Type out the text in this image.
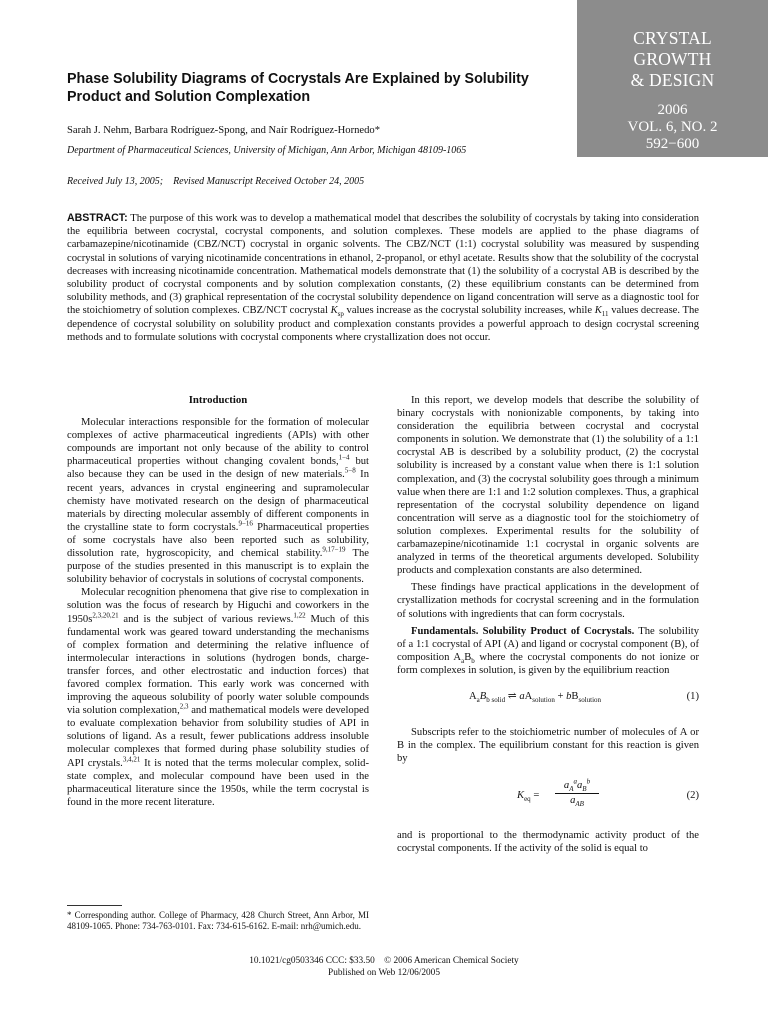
CRYSTAL
GROWTH
& DESIGN
2006
VOL. 6, NO. 2
592−600
Phase Solubility Diagrams of Cocrystals Are Explained by Solubility Product and Solution Complexation
Sarah J. Nehm, Barbara Rodríguez-Spong, and Naír Rodríguez-Hornedo*
Department of Pharmaceutical Sciences, University of Michigan, Ann Arbor, Michigan 48109-1065
Received July 13, 2005; Revised Manuscript Received October 24, 2005
ABSTRACT: The purpose of this work was to develop a mathematical model that describes the solubility of cocrystals by taking into consideration the equilibria between cocrystal, cocrystal components, and solution complexes. These models are applied to the phase diagrams of carbamazepine/nicotinamide (CBZ/NCT) cocrystal in organic solvents. The CBZ/NCT (1:1) cocrystal solubility was measured by suspending cocrystal in solutions of varying nicotinamide concentrations in ethanol, 2-propanol, or ethyl acetate. Results show that the solubility of the cocrystal decreases with increasing nicotinamide concentration. Mathematical models demonstrate that (1) the solubility of a cocrystal AB is described by the solubility product of cocrystal components and by solution complexation constants, (2) these equilibrium constants can be determined from solubility methods, and (3) graphical representation of the cocrystal solubility dependence on ligand concentration will serve as a diagnostic tool for the stoichiometry of solution complexes. CBZ/NCT cocrystal $K_{sp}$ values increase as the cocrystal solubility increases, while $K_{11}$ values decrease. The dependence of cocrystal solubility on solubility product and complexation constants provides a powerful approach to design cocrystal screening methods and to formulate solutions with cocrystal components where crystallization does not occur.
Introduction

Molecular interactions responsible for the formation of molecular complexes of active pharmaceutical ingredients (APIs) with other compounds are important not only because of the ability to control pharmaceutical properties without changing covalent bonds,$^{1-4}$ but also because they can be used in the design of new materials.$^{5-8}$ In recent years, advances in crystal engineering and supramolecular chemisty have motivated research on the design of pharmaceutical materials by directing molecular assembly of different components in the crystalline state to form cocrystals.$^{9-16}$ Pharmaceutical properties of some cocrystals have also been reported such as solubility, dissolution rate, hygroscopicity, and chemical stability.$^{9,17-19}$ The purpose of the studies presented in this manuscript is to explain the solubility behavior of cocrystals in solutions of cocrystal components.

Molecular recognition phenomena that give rise to complexation in solution was the focus of research by Higuchi and coworkers in the $1950s^{2,3,20,21}$ and is the subject of various reviews.$^{1,22}$ Much of this fundamental work was geared toward understanding the mechanisms of complex formation and determining the relative influence of intermolecular interactions in solutions (hydrogen bonds, charge-transfer forces, and other electrostatic and induction forces) that favored complex formation. This early work was concerned with improving the aqueous solubility of poorly water soluble compounds via solution complexation,$^{2,3}$ and mathematical models were developed to evaluate complexation behavior from solubility studies of API in solutions of ligand. As a result, fewer publications address insoluble molecular complexes that formed during phase solubility studies of API crystals.$^{3,4,21}$ It is noted that the terms molecular complex, solid-state complex, and molecular compound have been used in the pharmaceutical literature since the 1950s, while the term cocrystal is found in the more recent literature.

* Corresponding author. College of Pharmacy, 428 Church Street, Ann Arbor, MI 48109-1065. Phone: 734-763-0101. Fax: 734-615-6162. E-mail: nrh@umich.edu.

In this report, we develop models that describe the solubility of binary cocrystals with nonionizable components, by taking into consideration the equilibria between cocrystal and cocrystal components in solution. We demonstrate that (1) the solubility of a 1:1 cocrystal AB is described by a solubility product, (2) the cocrystal solubility is increased by a constant value when there is 1:1 solution complexation, and (3) the cocrystal solubility goes through a minimum value when there are 1:1 and 1:2 solution complexes. Thus, a graphical representation of the cocrystal solubility dependence on ligand concentration will serve as a diagnostic tool for the stoichiometry of solution complexes. Experimental results for the solubility of carbamazepine/nicotinamide 1:1 cocrystal in organic solvents are analyzed in terms of the theoretical arguments developed. Solubility products and complexation constants are also determined.

These findings have practical applications in the development of crystallization methods for cocrystal screening and in the formulation of solutions with ingredients that can form cocrystals.

Fundamentals. Solubility Product of Cocrystals. The solubility of a 1:1 cocrystal of API (A) and ligand or cocrystal component (B), of composition $A_aB_b$ where the cocrystal components do not ionize or form complexes in solution, is given by the equilibrium reaction

$A_aB_{b solid}$ ⇌ $aA_{solution} + bB_{solution}$	(1)

Subscripts refer to the stoichiometric number of molecules of A or B in the complex. The equilibrium constant for this reaction is given by

$K_{eq}$ =
$a_A^aa_B^b$
$a_{AB}$
(2)

and is proportional to the thermodynamic activity product of the cocrystal components. If the activity of the solid is equal to

10.1021/cg0503346 CCC: $33.50 © 2006 American Chemical Society
Published on Web 12/06/2005
